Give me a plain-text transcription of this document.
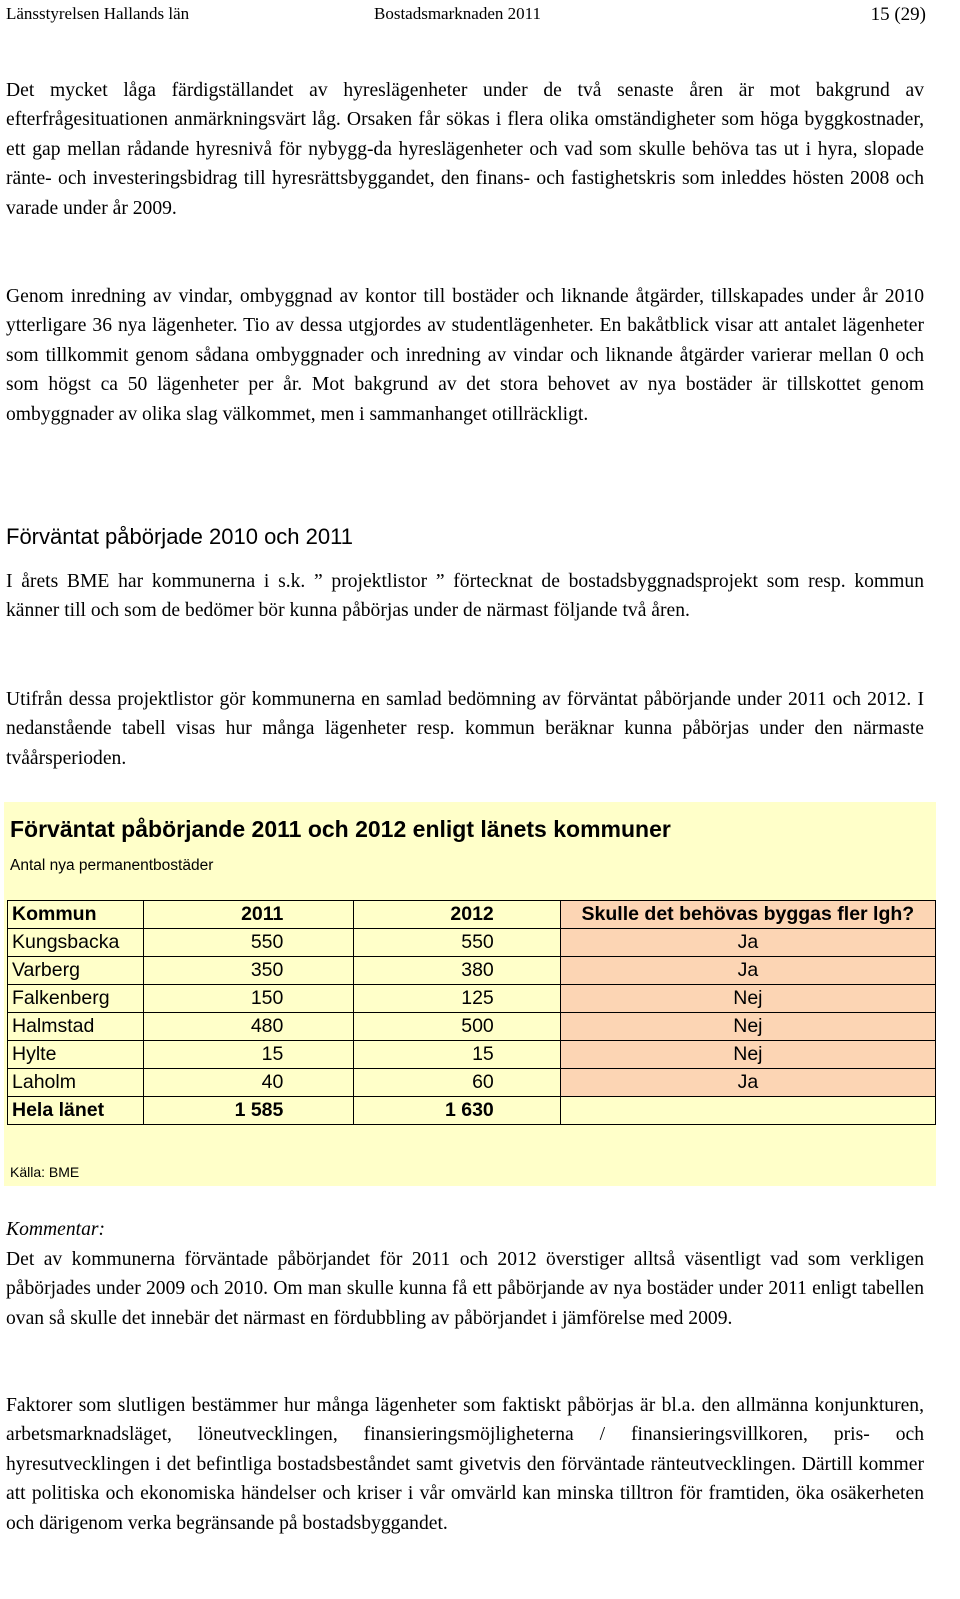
Länsstyrelsen Hallands län	Bostadsmarknaden 2011	15 (29)
Det mycket låga färdigställandet av hyreslägenheter under de två senaste åren är mot bakgrund av efterfrågesituationen anmärkningsvärt låg. Orsaken får sökas i flera olika omständigheter som höga byggkostnader, ett gap mellan rådande hyresnivå för nybygg-da hyreslägenheter och vad som skulle behöva tas ut i hyra, slopade ränte- och investeringsbidrag till hyresrättsbyggandet, den finans- och fastighetskris som inleddes hösten 2008 och varade under år 2009.
Genom inredning av vindar, ombyggnad av kontor till bostäder och liknande åtgärder, tillskapades under år 2010 ytterligare 36 nya lägenheter. Tio av dessa utgjordes av studentlägenheter. En bakåtblick visar att antalet lägenheter som tillkommit genom sådana ombyggnader och inredning av vindar och liknande åtgärder varierar mellan 0 och som högst ca 50 lägenheter per år. Mot bakgrund av det stora behovet av nya bostäder är tillskottet genom ombyggnader av olika slag välkommet, men i sammanhanget otillräckligt.
Förväntat påbörjade 2010 och 2011
I årets BME har kommunerna i s.k. ” projektlistor ” förtecknat de bostadsbyggnadsprojekt som resp. kommun känner till och som de bedömer bör kunna påbörjas under de närmast följande två åren.
Utifrån dessa projektlistor gör kommunerna en samlad bedömning av förväntat påbörjande under 2011 och 2012. I nedanstående tabell visas hur många lägenheter resp. kommun beräknar kunna påbörjas under den närmaste tvåårsperioden.
Förväntat påbörjande 2011 och 2012 enligt länets kommuner
Antal nya permanentbostäder
Kommun	2011	2012	Skulle det behövas byggas fler lgh?
Kungsbacka	550	550	Ja
Varberg	350	380	Ja
Falkenberg	150	125	Nej
Halmstad	480	500	Nej
Hylte	15	15	Nej
Laholm	40	60	Ja
Hela länet	1 585	1 630	
Källa: BME
Kommentar:
Det av kommunerna förväntade påbörjandet för 2011 och 2012 överstiger alltså väsentligt vad som verkligen påbörjades under 2009 och 2010. Om man skulle kunna få ett påbörjande av nya bostäder under 2011 enligt tabellen ovan så skulle det innebär det närmast en fördubbling av påbörjandet i jämförelse med 2009.
Faktorer som slutligen bestämmer hur många lägenheter som faktiskt påbörjas är bl.a. den allmänna konjunkturen, arbetsmarknadsläget, löneutvecklingen, finansieringsmöjligheterna / finansieringsvillkoren, pris- och hyresutvecklingen i det befintliga bostadsbeståndet samt givetvis den förväntade ränteutvecklingen. Därtill kommer att politiska och ekonomiska händelser och kriser i vår omvärld kan minska tilltron för framtiden, öka osäkerheten och därigenom verka begränsande på bostadsbyggandet.
